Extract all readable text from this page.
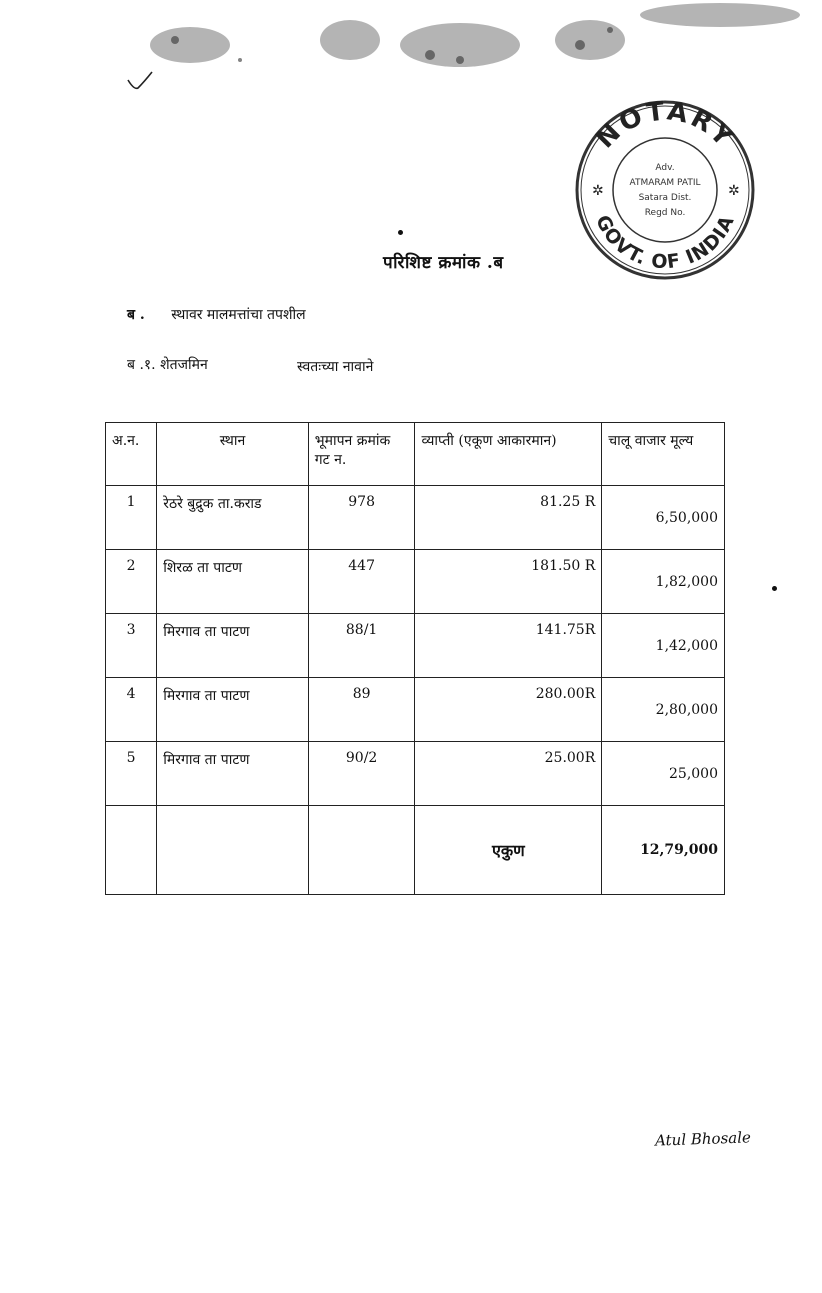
NOTARY
GOVT. OF INDIA
✲	✲
Adv.
ATMARAM PATIL
Satara Dist.
Regd No.
परिशिष्ट क्रमांक .ब
ब . स्थावर मालमत्तांचा तपशील
ब .१. शेतजमिन	स्वतःच्या नावाने
अ.न.	स्थान	भूमापन क्रमांक गट न.	व्याप्ती (एकूण आकारमान)	चालू वाजार मूल्य
1	रेठरे बुद्रुक ता.कराड	978	81.25 R	6,50,000
2	शिरळ ता पाटण	447	181.50 R	1,82,000
3	मिरगाव ता पाटण	88/1	141.75R	1,42,000
4	मिरगाव ता पाटण	89	280.00R	2,80,000
5	मिरगाव ता पाटण	90/2	25.00R	25,000
			एकुण	12,79,000
Atul Bhosale
